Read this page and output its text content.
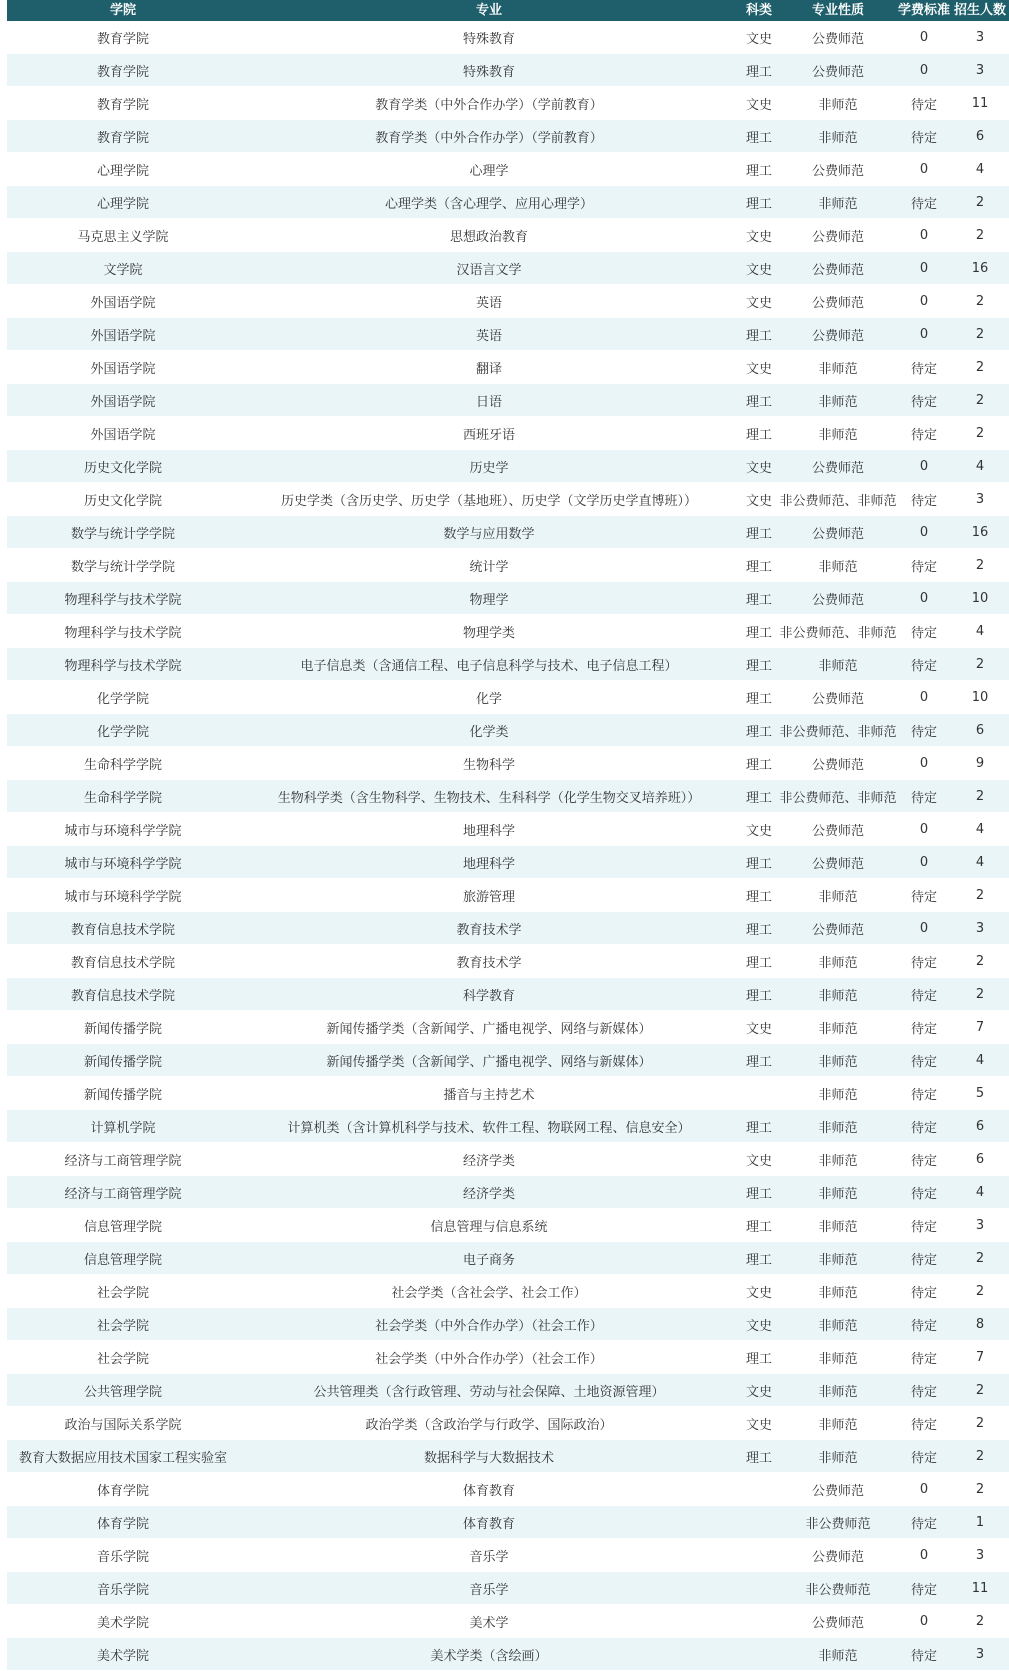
学院	专业	科类	专业性质	学费标准	招生人数
教育学院	特殊教育	文史	公费师范	0	3
教育学院	特殊教育	理工	公费师范	0	3
教育学院	教育学类（中外合作办学）（学前教育）	文史	非师范	待定	11
教育学院	教育学类（中外合作办学）（学前教育）	理工	非师范	待定	6
心理学院	心理学	理工	公费师范	0	4
心理学院	心理学类（含心理学、应用心理学）	理工	非师范	待定	2
马克思主义学院	思想政治教育	文史	公费师范	0	2
文学院	汉语言文学	文史	公费师范	0	16
外国语学院	英语	文史	公费师范	0	2
外国语学院	英语	理工	公费师范	0	2
外国语学院	翻译	文史	非师范	待定	2
外国语学院	日语	理工	非师范	待定	2
外国语学院	西班牙语	理工	非师范	待定	2
历史文化学院	历史学	文史	公费师范	0	4
历史文化学院	历史学类（含历史学、历史学（基地班）、历史学（文学历史学直博班））	文史	非公费师范、非师范	待定	3
数学与统计学学院	数学与应用数学	理工	公费师范	0	16
数学与统计学学院	统计学	理工	非师范	待定	2
物理科学与技术学院	物理学	理工	公费师范	0	10
物理科学与技术学院	物理学类	理工	非公费师范、非师范	待定	4
物理科学与技术学院	电子信息类（含通信工程、电子信息科学与技术、电子信息工程）	理工	非师范	待定	2
化学学院	化学	理工	公费师范	0	10
化学学院	化学类	理工	非公费师范、非师范	待定	6
生命科学学院	生物科学	理工	公费师范	0	9
生命科学学院	生物科学类（含生物科学、生物技术、生科科学（化学生物交叉培养班））	理工	非公费师范、非师范	待定	2
城市与环境科学学院	地理科学	文史	公费师范	0	4
城市与环境科学学院	地理科学	理工	公费师范	0	4
城市与环境科学学院	旅游管理	理工	非师范	待定	2
教育信息技术学院	教育技术学	理工	公费师范	0	3
教育信息技术学院	教育技术学	理工	非师范	待定	2
教育信息技术学院	科学教育	理工	非师范	待定	2
新闻传播学院	新闻传播学类（含新闻学、广播电视学、网络与新媒体）	文史	非师范	待定	7
新闻传播学院	新闻传播学类（含新闻学、广播电视学、网络与新媒体）	理工	非师范	待定	4
新闻传播学院	播音与主持艺术		非师范	待定	5
计算机学院	计算机类（含计算机科学与技术、软件工程、物联网工程、信息安全）	理工	非师范	待定	6
经济与工商管理学院	经济学类	文史	非师范	待定	6
经济与工商管理学院	经济学类	理工	非师范	待定	4
信息管理学院	信息管理与信息系统	理工	非师范	待定	3
信息管理学院	电子商务	理工	非师范	待定	2
社会学院	社会学类（含社会学、社会工作）	文史	非师范	待定	2
社会学院	社会学类（中外合作办学）（社会工作）	文史	非师范	待定	8
社会学院	社会学类（中外合作办学）（社会工作）	理工	非师范	待定	7
公共管理学院	公共管理类（含行政管理、劳动与社会保障、土地资源管理）	文史	非师范	待定	2
政治与国际关系学院	政治学类（含政治学与行政学、国际政治）	文史	非师范	待定	2
教育大数据应用技术国家工程实验室	数据科学与大数据技术	理工	非师范	待定	2
体育学院	体育教育		公费师范	0	2
体育学院	体育教育		非公费师范	待定	1
音乐学院	音乐学		公费师范	0	3
音乐学院	音乐学		非公费师范	待定	11
美术学院	美术学		公费师范	0	2
美术学院	美术学类（含绘画）		非师范	待定	3
